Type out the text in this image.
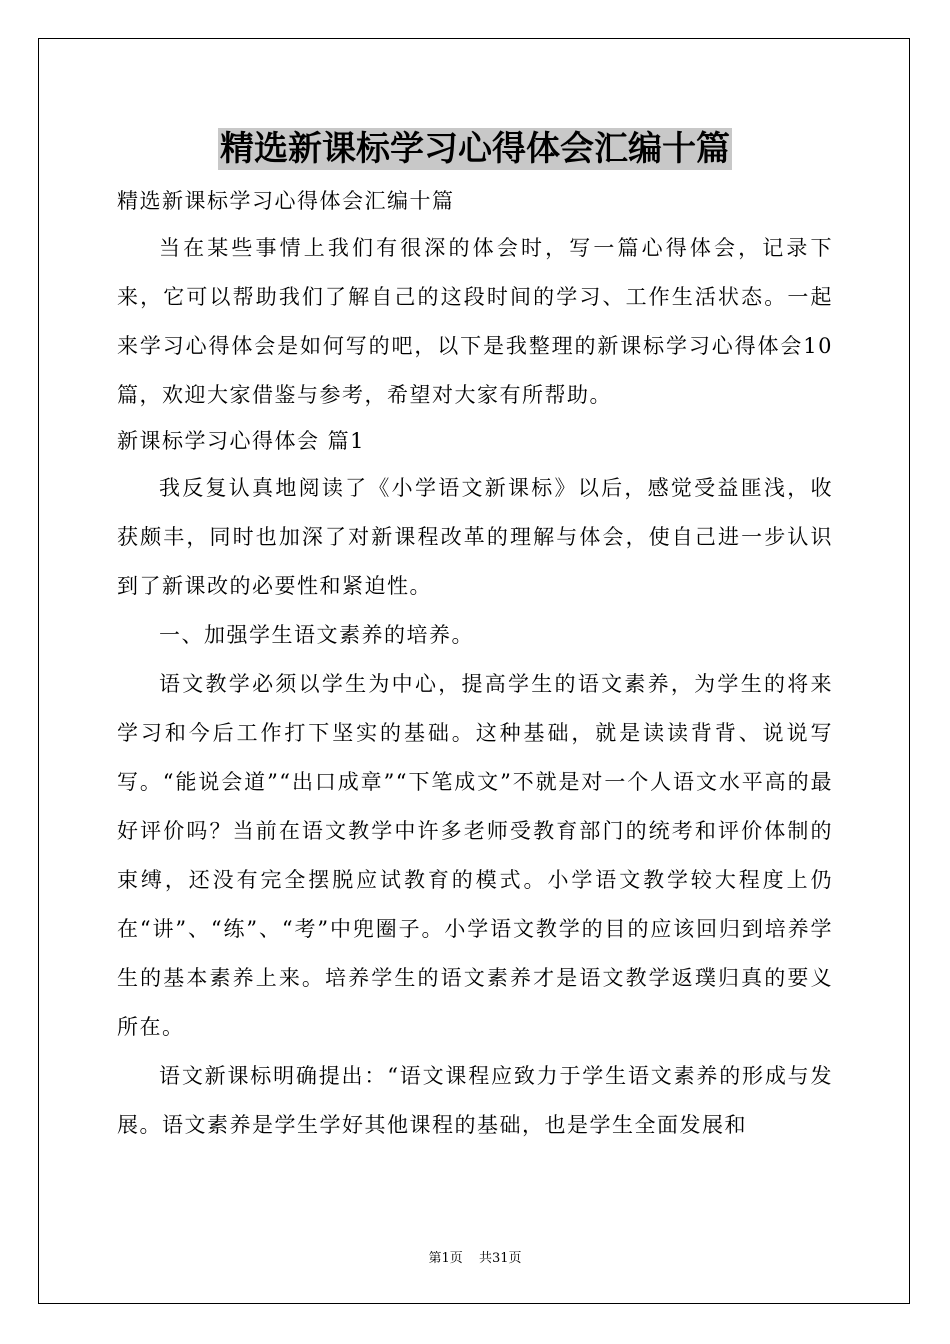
精选新课标学习心得体会汇编十篇
精选新课标学习心得体会汇编十篇

当在某些事情上我们有很深的体会时，写一篇心得体会，记录下来，它可以帮助我们了解自己的这段时间的学习、工作生活状态。一起来学习心得体会是如何写的吧，以下是我整理的新课标学习心得体会10篇，欢迎大家借鉴与参考，希望对大家有所帮助。

新课标学习心得体会 篇1

我反复认真地阅读了《小学语文新课标》以后，感觉受益匪浅，收获颇丰，同时也加深了对新课程改革的理解与体会，使自己进一步认识到了新课改的必要性和紧迫性。

一、加强学生语文素养的培养。

语文教学必须以学生为中心，提高学生的语文素养，为学生的将来学习和今后工作打下坚实的基础。这种基础，就是读读背背、说说写写。“能说会道”“出口成章”“下笔成文”不就是对一个人语文水平高的最好评价吗？当前在语文教学中许多老师受教育部门的统考和评价体制的束缚，还没有完全摆脱应试教育的模式。小学语文教学较大程度上仍在“讲”、“练”、“考”中兜圈子。小学语文教学的目的应该回归到培养学生的基本素养上来。培养学生的语文素养才是语文教学返璞归真的要义所在。

语文新课标明确提出：“语文课程应致力于学生语文素养的形成与发展。语文素养是学生学好其他课程的基础，也是学生全面发展和

第1页 共31页
